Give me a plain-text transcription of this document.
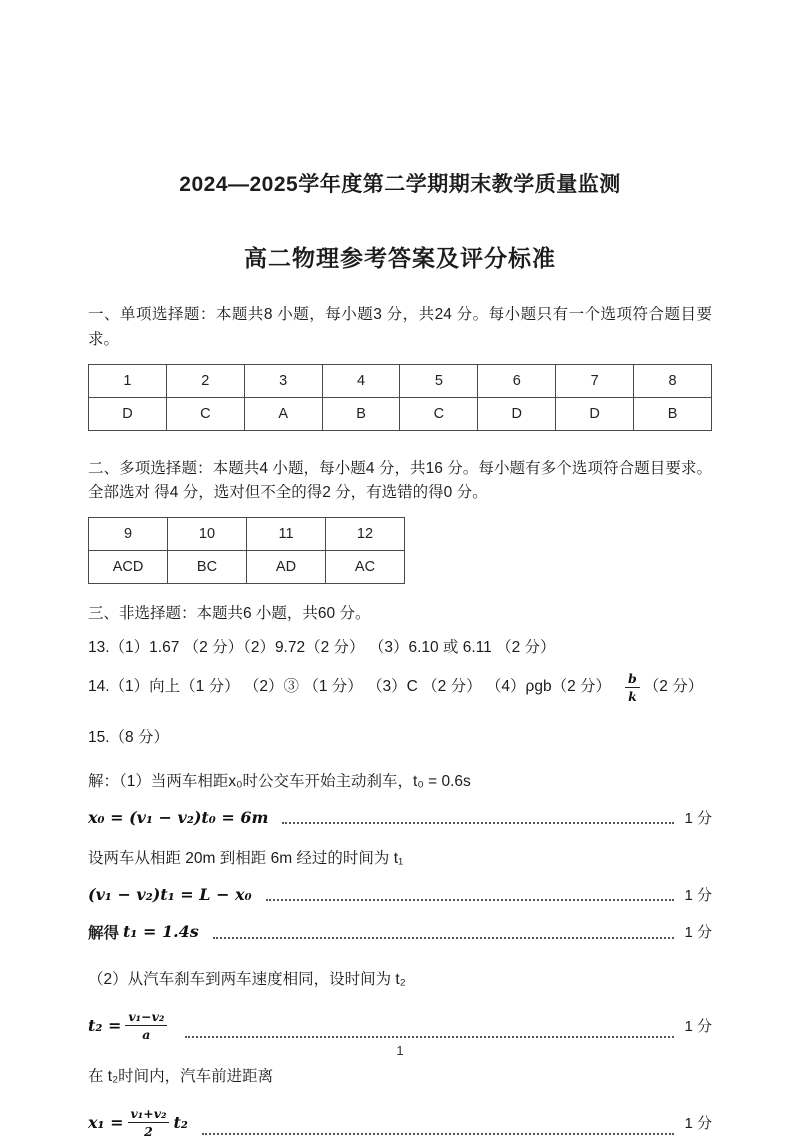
2024—2025学年度第二学期期末教学质量监测
高二物理参考答案及评分标准
一、单项选择题：本题共8 小题，每小题3 分，共24 分。每小题只有一个选项符合题目要求。
1	2	3	4	5	6	7	8
D	C	A	B	C	D	D	B
二、多项选择题：本题共4 小题，每小题4 分，共16 分。每小题有多个选项符合题目要求。全部选对 得4 分，选对但不全的得2 分，有选错的得0 分。
9	10	11	12
ACD	BC	AD	AC
三、非选择题：本题共6 小题，共60 分。
13.（1）1.67 （2 分）（2）9.72（2 分） （3）6.10 或 6.11 （2 分）
14.（1）向上（1 分） （2）③ （1 分） （3）C （2 分） （4）ρgb（2 分） $\frac{b}{k} (2$ 分）
15.（8 分）
解：（1）当两车相距x₀时公交车开始主动刹车，t₀ = 0.6s
x₀ = (v₁ − v₂)t₀ = 6m	1 分
设两车从相距 20m 到相距 6m 经过的时间为 t₁
(v₁ − v₂)t₁ = L − x₀	1 分
解得 t₁ = 1.4s	1 分
（2）从汽车刹车到两车速度相同，设时间为 t₂
$t_2 = \frac{\text{v₁−v₂}}{a}$	1 分
在 t₂时间内，汽车前进距离
$x_1 = \frac{\text{v₁+v₂}}{2} t_2$	1 分
1
